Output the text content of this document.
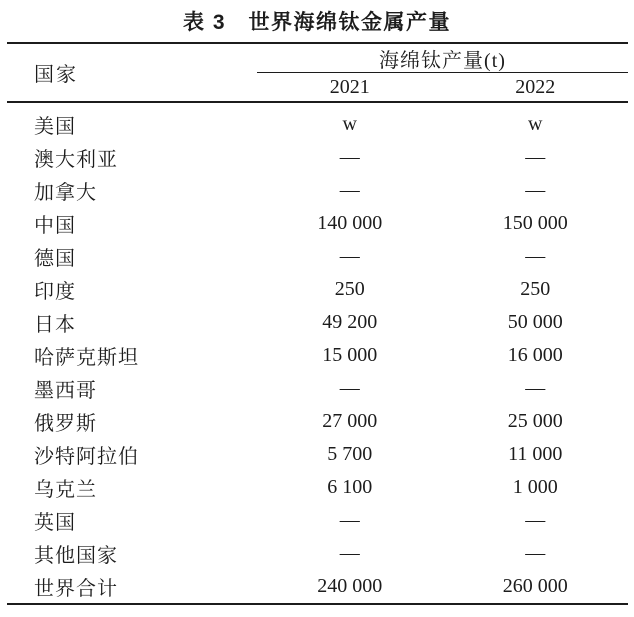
表 3　世界海绵钛金属产量
国家
海绵钛产量(t)
2021	2022
美国	w	w
澳大利亚	—	—
加拿大	—	—
中国	140 000	150 000
德国	—	—
印度	250	250
日本	49 200	50 000
哈萨克斯坦	15 000	16 000
墨西哥	—	—
俄罗斯	27 000	25 000
沙特阿拉伯	5 700	11 000
乌克兰	6 100	1 000
英国	—	—
其他国家	—	—
世界合计	240 000	260 000
